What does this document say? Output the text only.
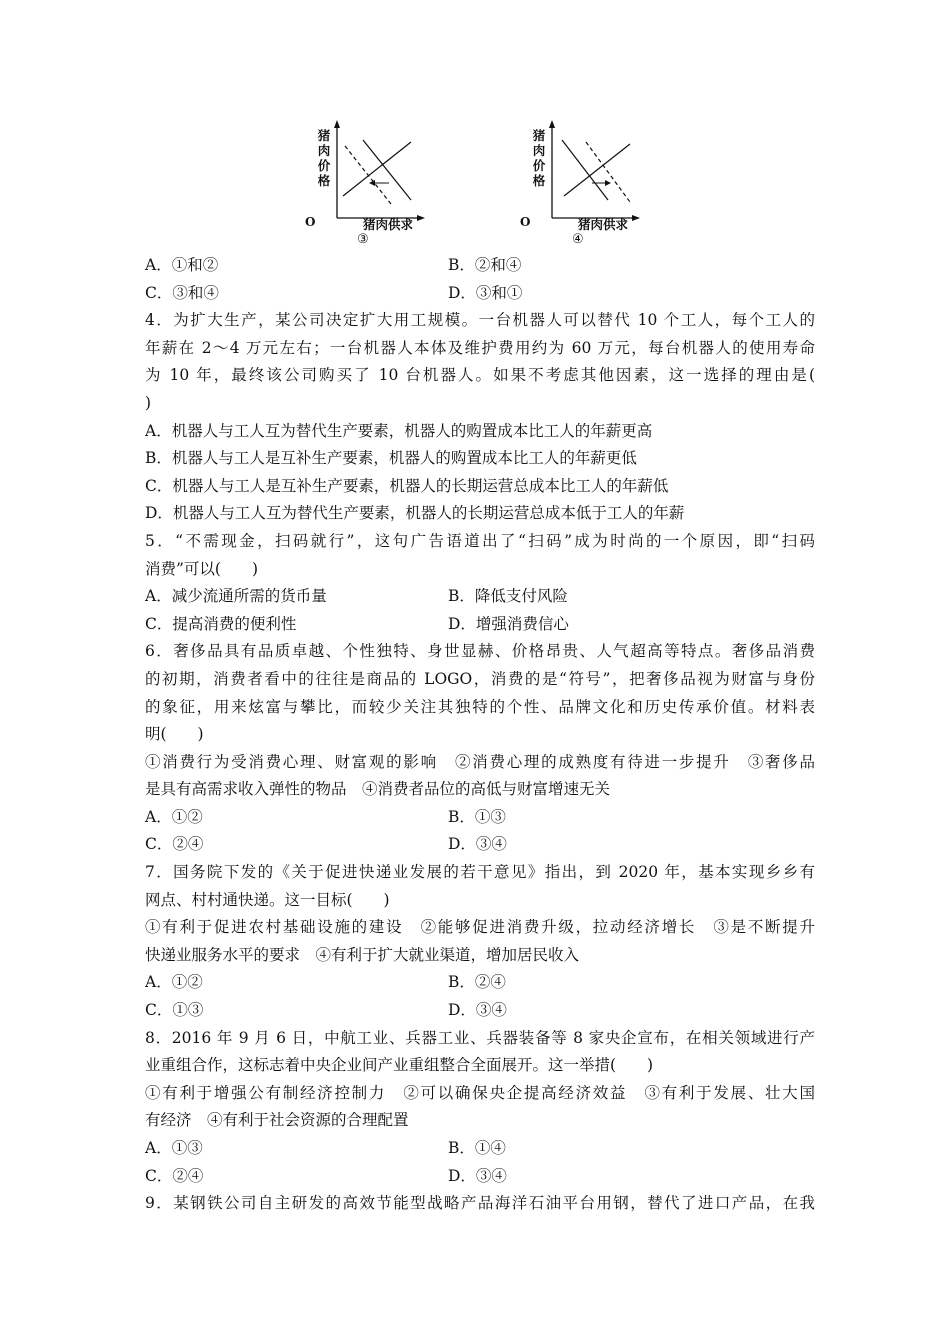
猪
肉
价
格
O	猪肉供求
③
猪
肉
价
格
O	猪肉供求
④
A．①和②	B．②和④
C．③和④	D．③和①
4．为扩大生产，某公司决定扩大用工规模。一台机器人可以替代 10 个工人，每个工人的
年薪在 2～4 万元左右；一台机器人本体及维护费用约为 60 万元，每台机器人的使用寿命
为 10 年，最终该公司购买了 10 台机器人。如果不考虑其他因素，这一选择的理由是(
)
A．机器人与工人互为替代生产要素，机器人的购置成本比工人的年薪更高
B．机器人与工人是互补生产要素，机器人的购置成本比工人的年薪更低
C．机器人与工人是互补生产要素，机器人的长期运营总成本比工人的年薪低
D．机器人与工人互为替代生产要素，机器人的长期运营总成本低于工人的年薪
5．“不需现金，扫码就行”，这句广告语道出了“扫码”成为时尚的一个原因，即“扫码
消费”可以(　　)
A．减少流通所需的货币量	B．降低支付风险
C．提高消费的便利性	D．增强消费信心
6．奢侈品具有品质卓越、个性独特、身世显赫、价格昂贵、人气超高等特点。奢侈品消费
的初期，消费者看中的往往是商品的 LOGO，消费的是“符号”，把奢侈品视为财富与身份
的象征，用来炫富与攀比，而较少关注其独特的个性、品牌文化和历史传承价值。材料表
明(　　)
①消费行为受消费心理、财富观的影响　②消费心理的成熟度有待进一步提升　③奢侈品
是具有高需求收入弹性的物品　④消费者品位的高低与财富增速无关
A．①②	B．①③
C．②④	D．③④
7．国务院下发的《关于促进快递业发展的若干意见》指出，到 2020 年，基本实现乡乡有
网点、村村通快递。这一目标(　　)
①有利于促进农村基础设施的建设　②能够促进消费升级，拉动经济增长　③是不断提升
快递业服务水平的要求　④有利于扩大就业渠道，增加居民收入
A．①②	B．②④
C．①③	D．③④
8．2016 年 9 月 6 日，中航工业、兵器工业、兵器装备等 8 家央企宣布，在相关领域进行产
业重组合作，这标志着中央企业间产业重组整合全面展开。这一举措(　　)
①有利于增强公有制经济控制力　②可以确保央企提高经济效益　③有利于发展、壮大国
有经济　④有利于社会资源的合理配置
A．①③	B．①④
C．②④	D．③④
9．某钢铁公司自主研发的高效节能型战略产品海洋石油平台用钢，替代了进口产品，在我
